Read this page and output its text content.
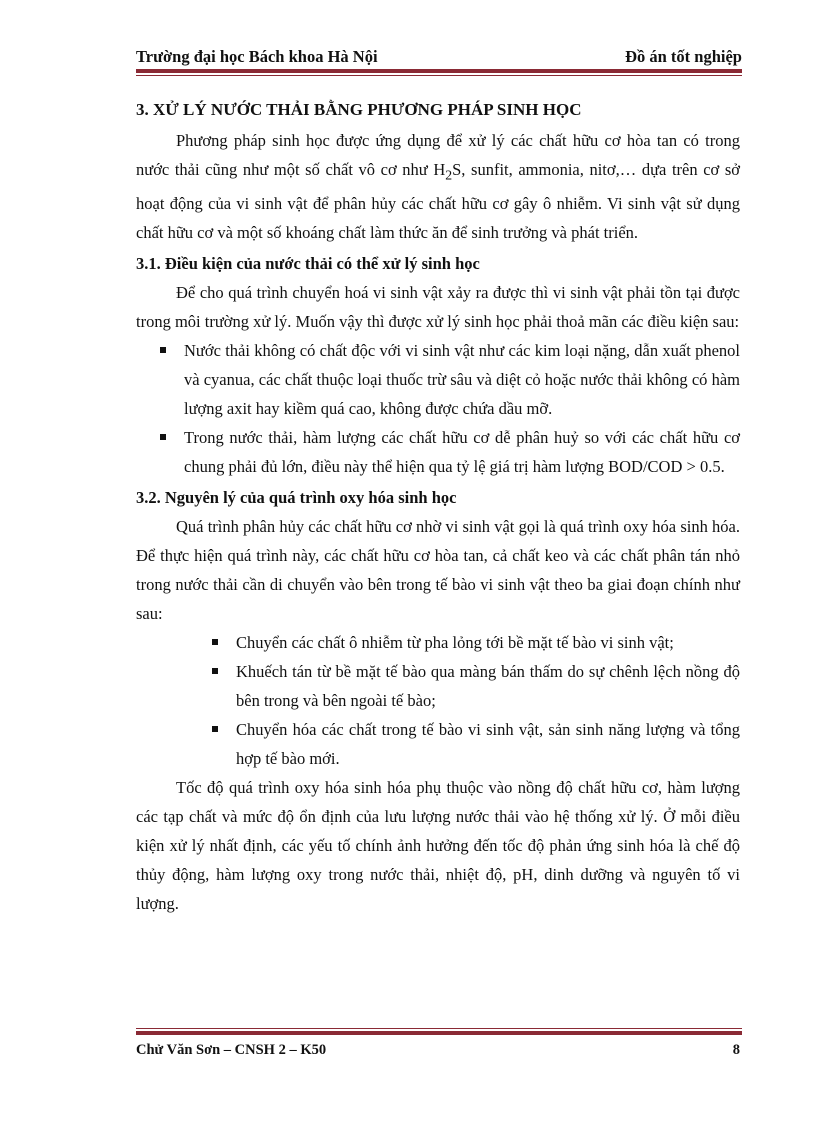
Trường đại học Bách khoa Hà Nội	Đồ án tốt nghiệp
3. XỬ LÝ NƯỚC THẢI BẰNG PHƯƠNG PHÁP SINH HỌC

Phương pháp sinh học được ứng dụng để xử lý các chất hữu cơ hòa tan có trong nước thải cũng như một số chất vô cơ như $H_2S$, sunfit, ammonia, nitơ,… dựa trên cơ sở hoạt động của vi sinh vật để phân hủy các chất hữu cơ gây ô nhiễm. Vi sinh vật sử dụng chất hữu cơ và một số khoáng chất làm thức ăn để sinh trưởng và phát triển.

3.1. Điều kiện của nước thải có thể xử lý sinh học

Để cho quá trình chuyển hoá vi sinh vật xảy ra được thì vi sinh vật phải tồn tại được trong môi trường xử lý. Muốn vậy thì được xử lý sinh học phải thoả mãn các điều kiện sau:

Nước thải không có chất độc với vi sinh vật như các kim loại nặng, dẫn xuất phenol và cyanua, các chất thuộc loại thuốc trừ sâu và diệt cỏ hoặc nước thải không có hàm lượng axit hay kiềm quá cao, không được chứa dầu mỡ.
Trong nước thải, hàm lượng các chất hữu cơ dễ phân huỷ so với các chất hữu cơ chung phải đủ lớn, điều này thể hiện qua tỷ lệ giá trị hàm lượng BOD/COD > 0.5.
3.2. Nguyên lý của quá trình oxy hóa sinh học

Quá trình phân hủy các chất hữu cơ nhờ vi sinh vật gọi là quá trình oxy hóa sinh hóa. Để thực hiện quá trình này, các chất hữu cơ hòa tan, cả chất keo và các chất phân tán nhỏ trong nước thải cần di chuyển vào bên trong tế bào vi sinh vật theo ba giai đoạn chính như sau:

Chuyển các chất ô nhiễm từ pha lỏng tới bề mặt tế bào vi sinh vật;
Khuếch tán từ bề mặt tế bào qua màng bán thấm do sự chênh lệch nồng độ bên trong và bên ngoài tế bào;
Chuyển hóa các chất trong tế bào vi sinh vật, sản sinh năng lượng và tổng hợp tế bào mới.

Tốc độ quá trình oxy hóa sinh hóa phụ thuộc vào nồng độ chất hữu cơ, hàm lượng các tạp chất và mức độ ổn định của lưu lượng nước thải vào hệ thống xử lý. Ở mỗi điều kiện xử lý nhất định, các yếu tố chính ảnh hưởng đến tốc độ phản ứng sinh hóa là chế độ thủy động, hàm lượng oxy trong nước thải, nhiệt độ, pH, dinh dưỡng và nguyên tố vi lượng.

Chử Văn Sơn – CNSH 2 – K50	8
